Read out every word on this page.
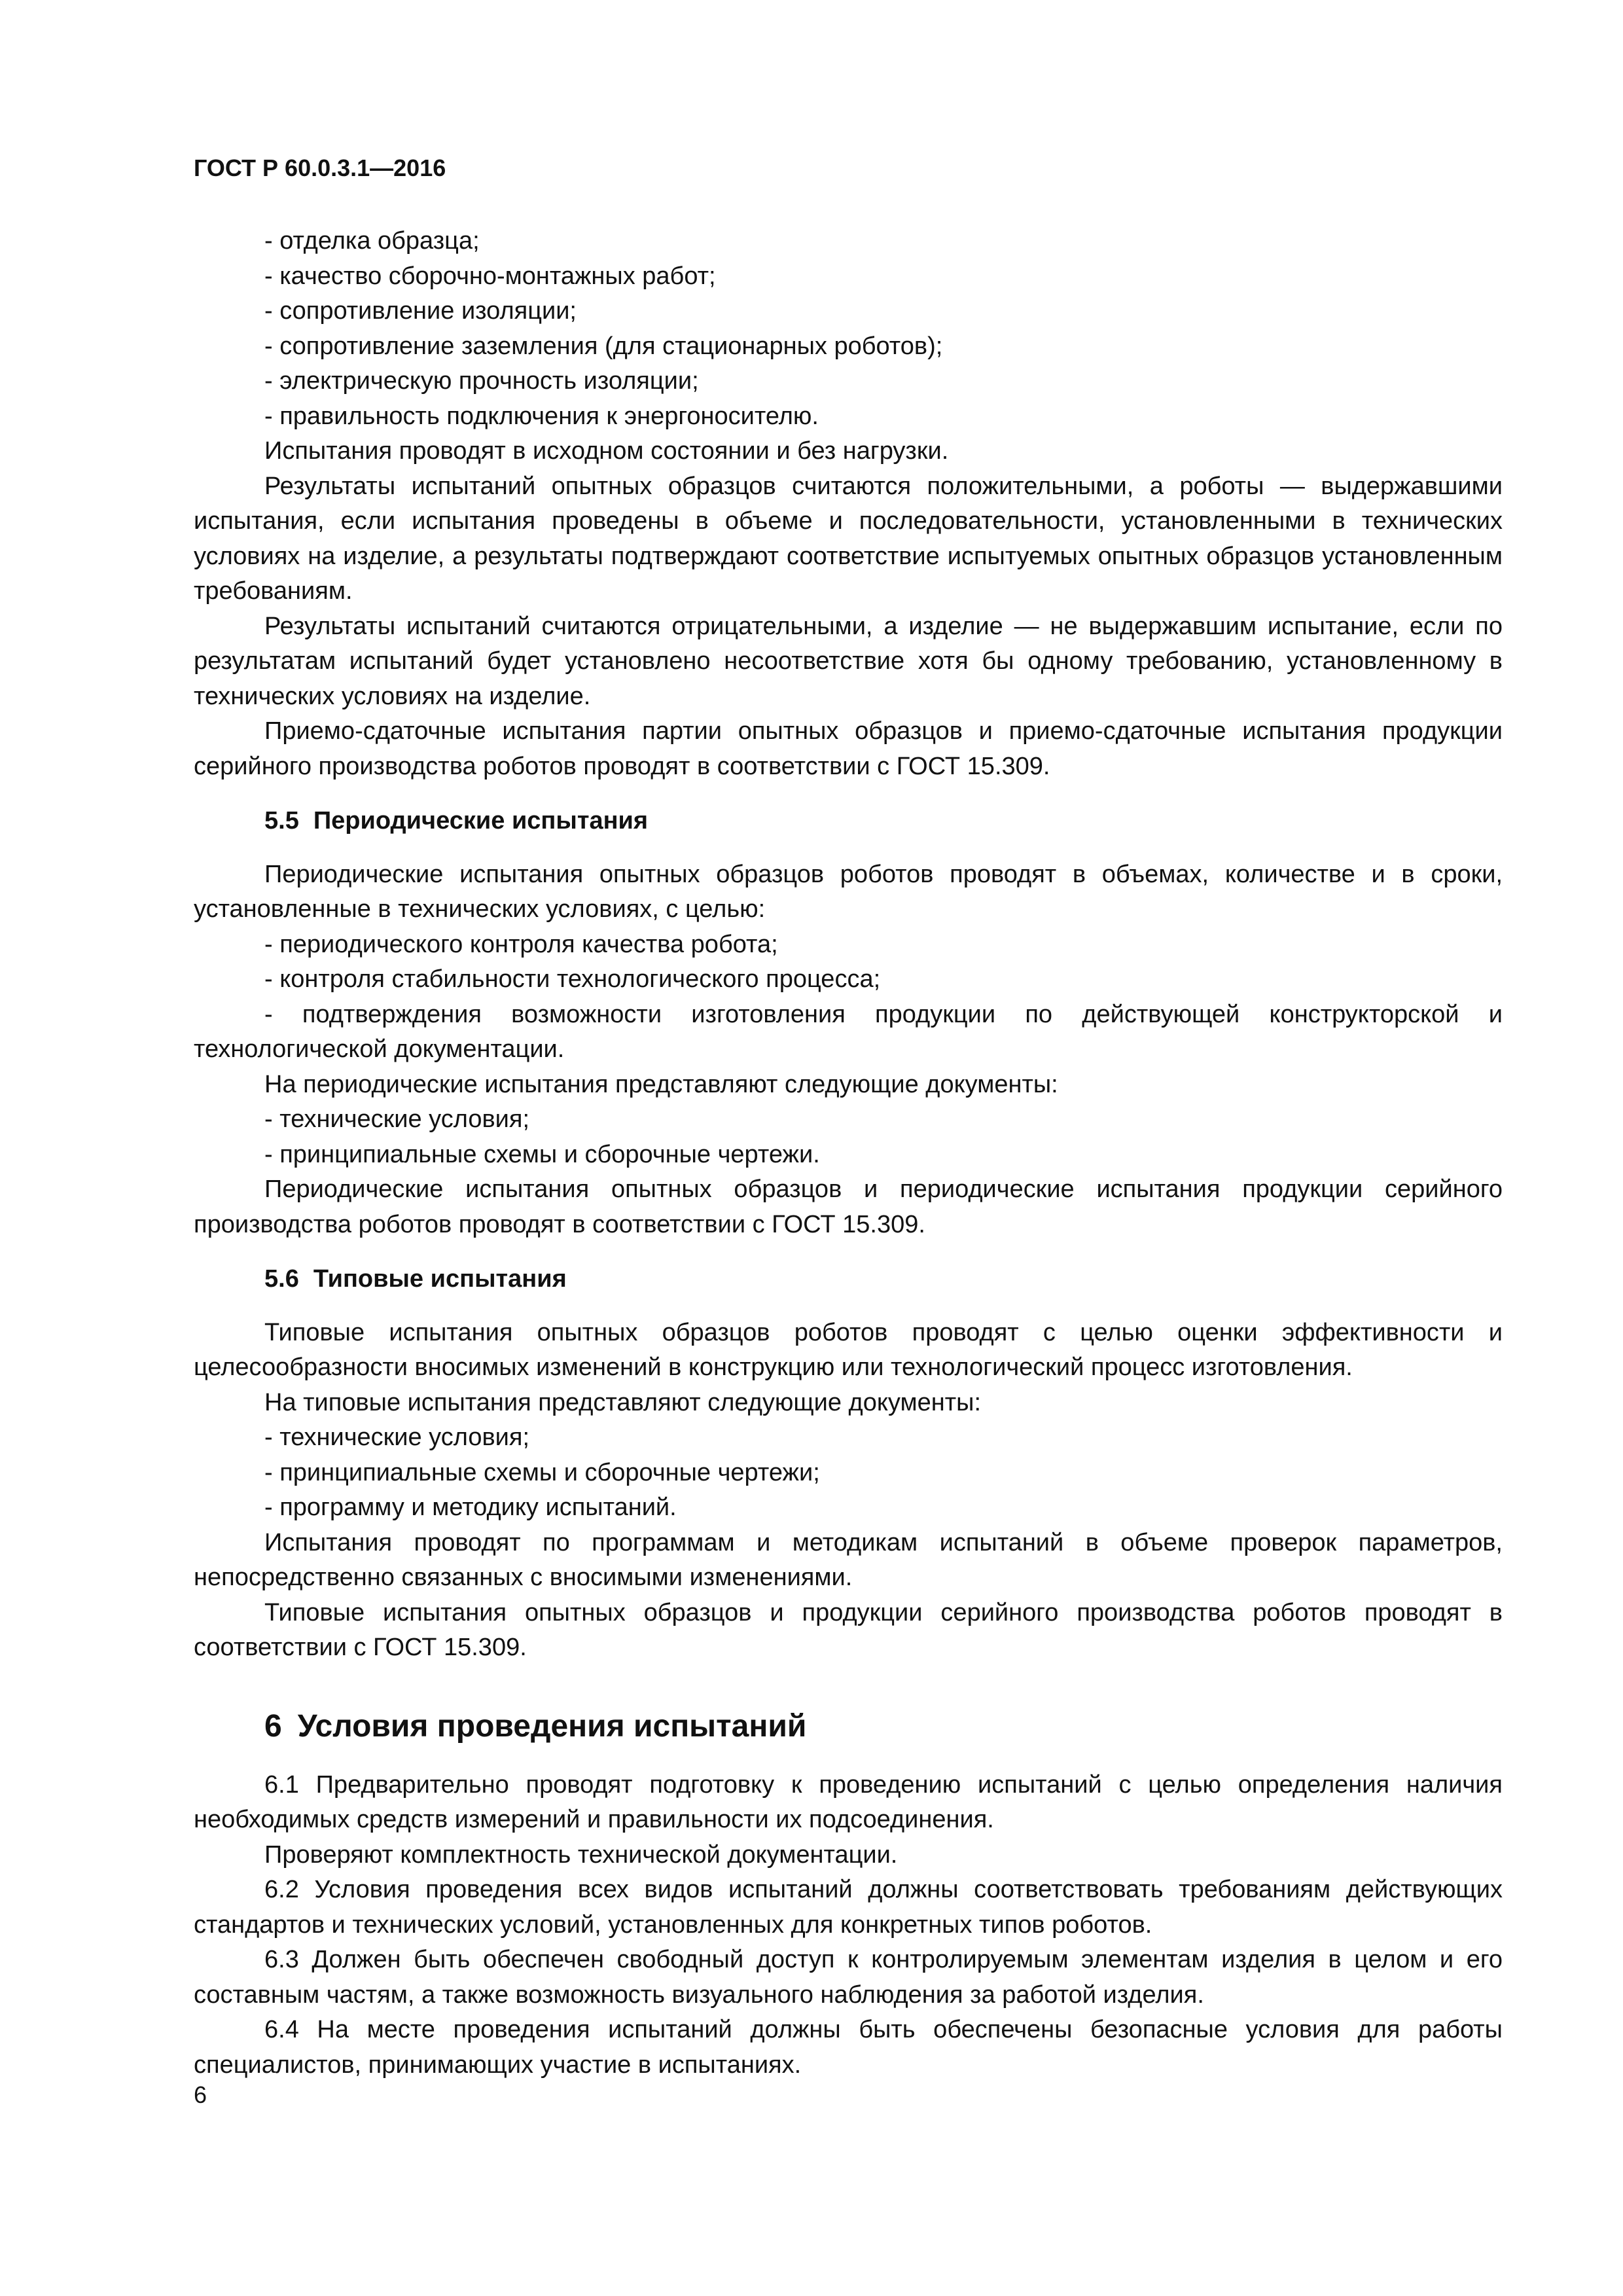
ГОСТ Р 60.0.3.1—2016

- отделка образца;

- качество сборочно-монтажных работ;

- сопротивление изоляции;

- сопротивление заземления (для стационарных роботов);

- электрическую прочность изоляции;

- правильность подключения к энергоносителю.

Испытания проводят в исходном состоянии и без нагрузки.

Результаты испытаний опытных образцов считаются положительными, а роботы — выдержавшими испытания, если испытания проведены в объеме и последовательности, установленными в технических условиях на изделие, а результаты подтверждают соответствие испытуемых опытных образцов установленным требованиям.

Результаты испытаний считаются отрицательными, а изделие — не выдержавшим испытание, если по результатам испытаний будет установлено несоответствие хотя бы одному требованию, установленному в технических условиях на изделие.

Приемо-сдаточные испытания партии опытных образцов и приемо-сдаточные испытания продукции серийного производства роботов проводят в соответствии с ГОСТ 15.309.

5.5 Периодические испытания

Периодические испытания опытных образцов роботов проводят в объемах, количестве и в сроки, установленные в технических условиях, с целью:

- периодического контроля качества робота;

- контроля стабильности технологического процесса;

- подтверждения возможности изготовления продукции по действующей конструкторской и технологической документации.

На периодические испытания представляют следующие документы:

- технические условия;

- принципиальные схемы и сборочные чертежи.

Периодические испытания опытных образцов и периодические испытания продукции серийного производства роботов проводят в соответствии с ГОСТ 15.309.

5.6 Типовые испытания

Типовые испытания опытных образцов роботов проводят с целью оценки эффективности и целесообразности вносимых изменений в конструкцию или технологический процесс изготовления.

На типовые испытания представляют следующие документы:

- технические условия;

- принципиальные схемы и сборочные чертежи;

- программу и методику испытаний.

Испытания проводят по программам и методикам испытаний в объеме проверок параметров, непосредственно связанных с вносимыми изменениями.

Типовые испытания опытных образцов и продукции серийного производства роботов проводят в соответствии с ГОСТ 15.309.

6 Условия проведения испытаний

6.1 Предварительно проводят подготовку к проведению испытаний с целью определения наличия необходимых средств измерений и правильности их подсоединения.

Проверяют комплектность технической документации.

6.2 Условия проведения всех видов испытаний должны соответствовать требованиям действующих стандартов и технических условий, установленных для конкретных типов роботов.

6.3 Должен быть обеспечен свободный доступ к контролируемым элементам изделия в целом и его составным частям, а также возможность визуального наблюдения за работой изделия.

6.4 На месте проведения испытаний должны быть обеспечены безопасные условия для работы специалистов, принимающих участие в испытаниях.

6
